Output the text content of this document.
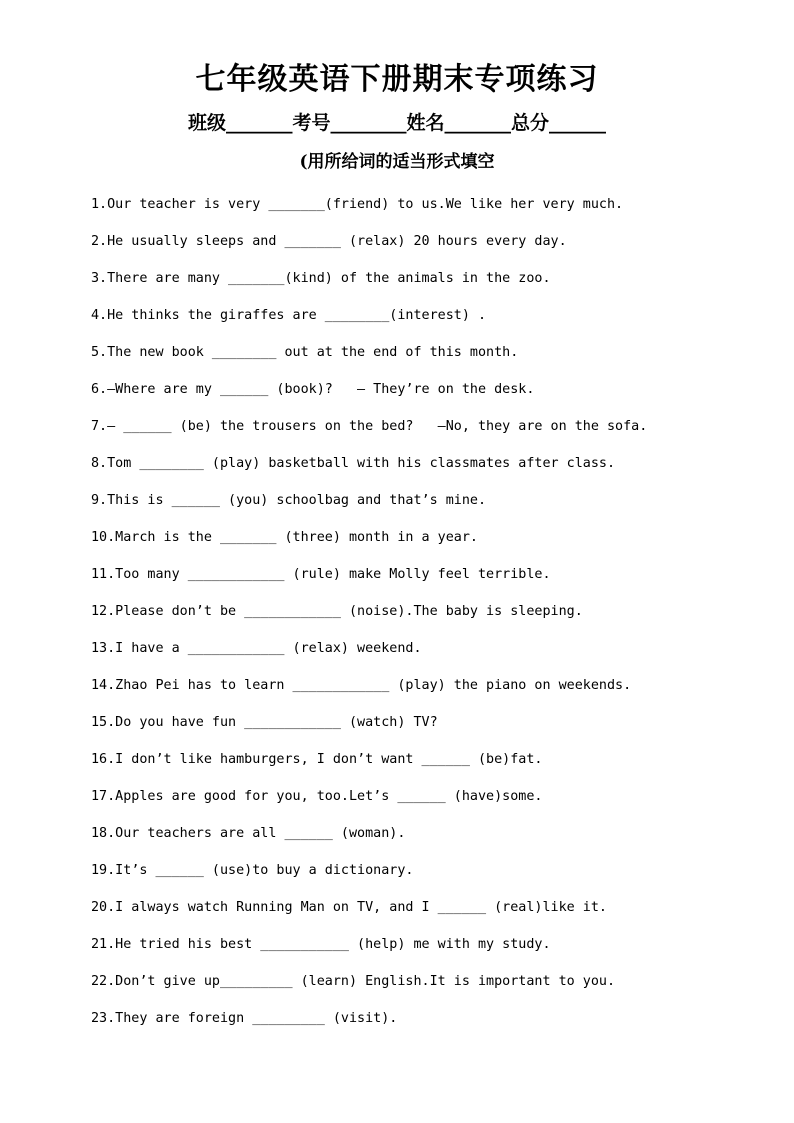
七年级英语下册期末专项练习
班级_______考号________姓名_______总分______
(用所给词的适当形式填空
1.Our teacher is very _______(friend) to us.We like her very much.
2.He usually sleeps and _______ (relax) 20 hours every day.
3.There are many _______(kind) of the animals in the zoo.
4.He thinks the giraffes are ________(interest) .
5.The new book ________ out at the end of this month.
6.—Where are my ______ (book)?   — They’re on the desk.
7.— ______ (be) the trousers on the bed?   —No, they are on the sofa.
8.Tom ________ (play) basketball with his classmates after class.
9.This is ______ (you) schoolbag and that’s mine.
10.March is the _______ (three) month in a year.
11.Too many ____________ (rule) make Molly feel terrible.
12.Please don’t be ____________ (noise).The baby is sleeping.
13.I have a ____________ (relax) weekend.
14.Zhao Pei has to learn ____________ (play) the piano on weekends.
15.Do you have fun ____________ (watch) TV?
16.I don’t like hamburgers, I don’t want ______ (be)fat.
17.Apples are good for you, too.Let’s ______ (have)some.
18.Our teachers are all ______ (woman).
19.It’s ______ (use)to buy a dictionary.
20.I always watch Running Man on TV, and I ______ (real)like it.
21.He tried his best ___________ (help) me with my study.
22.Don’t give up_________ (learn) English.It is important to you.
23.They are foreign _________ (visit).
